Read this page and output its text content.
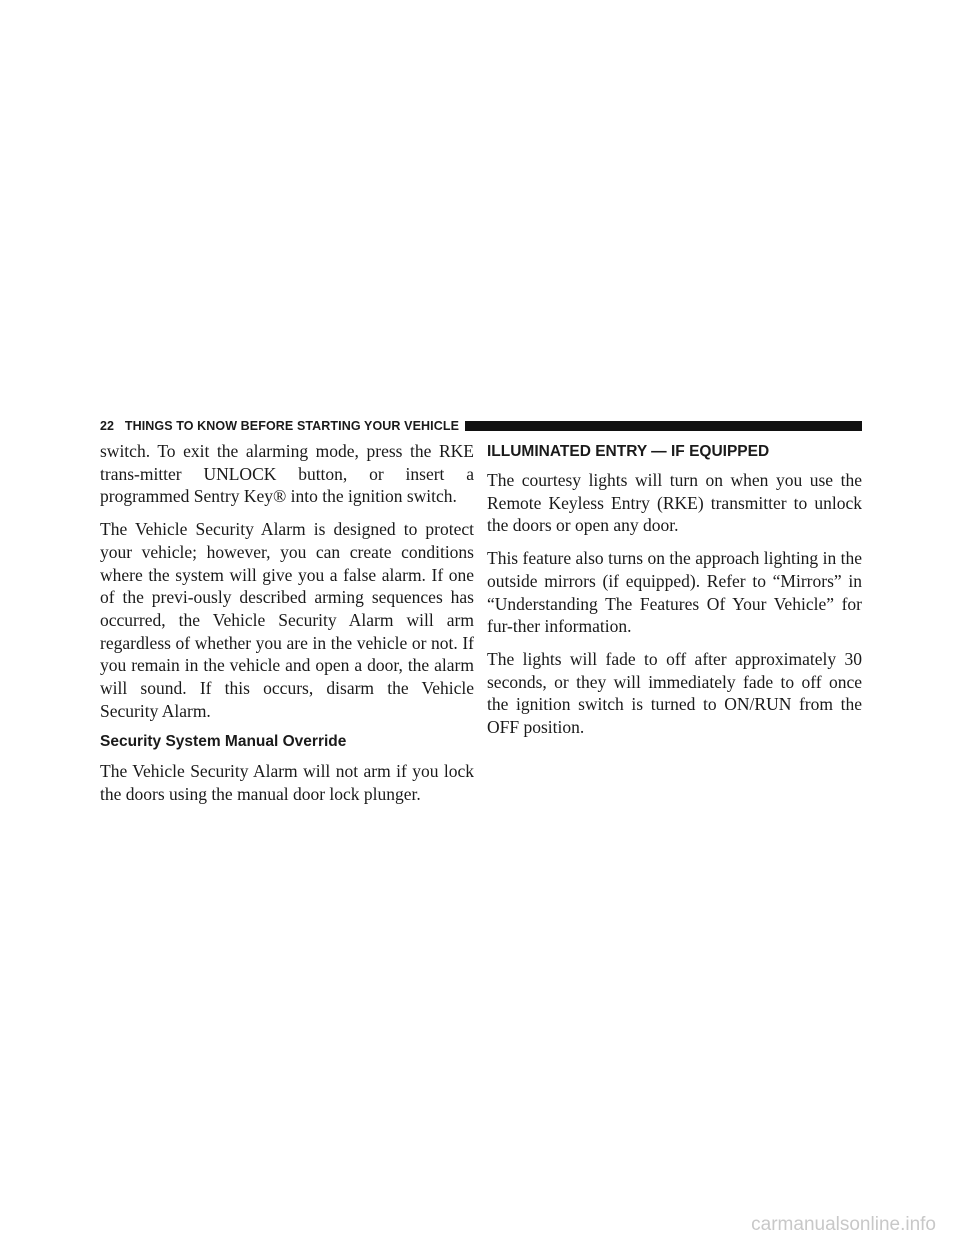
22 THINGS TO KNOW BEFORE STARTING YOUR VEHICLE

switch. To exit the alarming mode, press the RKE trans-mitter UNLOCK button, or insert a programmed Sentry Key® into the ignition switch.

The Vehicle Security Alarm is designed to protect your vehicle; however, you can create conditions where the system will give you a false alarm. If one of the previ-ously described arming sequences has occurred, the Vehicle Security Alarm will arm regardless of whether you are in the vehicle or not. If you remain in the vehicle and open a door, the alarm will sound. If this occurs, disarm the Vehicle Security Alarm.

Security System Manual Override

The Vehicle Security Alarm will not arm if you lock the doors using the manual door lock plunger.

ILLUMINATED ENTRY — IF EQUIPPED

The courtesy lights will turn on when you use the Remote Keyless Entry (RKE) transmitter to unlock the doors or open any door.

This feature also turns on the approach lighting in the outside mirrors (if equipped). Refer to “Mirrors” in “Understanding The Features Of Your Vehicle” for fur-ther information.

The lights will fade to off after approximately 30 seconds, or they will immediately fade to off once the ignition switch is turned to ON/RUN from the OFF position.

carmanualsonline.info
